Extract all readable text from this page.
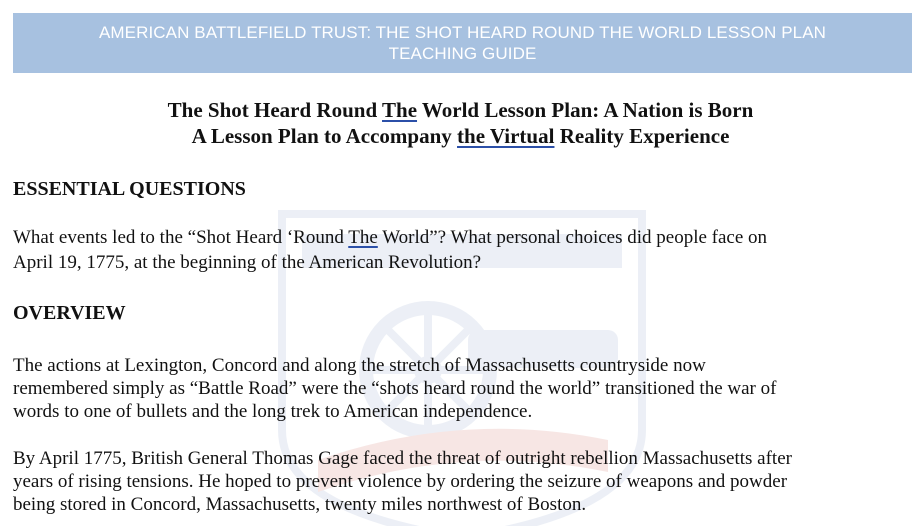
AMERICAN BATTLEFIELD TRUST: THE SHOT HEARD ROUND THE WORLD LESSON PLAN
TEACHING GUIDE
The Shot Heard Round The World Lesson Plan: A Nation is Born
A Lesson Plan to Accompany the Virtual Reality Experience
ESSENTIAL QUESTIONS
What events led to the “Shot Heard ‘Round The World”? What personal choices did people face on
April 19, 1775, at the beginning of the American Revolution?
OVERVIEW
The actions at Lexington, Concord and along the stretch of Massachusetts countryside now
remembered simply as “Battle Road” were the “shots heard round the world” transitioned the war of
words to one of bullets and the long trek to American independence.
By April 1775, British General Thomas Gage faced the threat of outright rebellion Massachusetts after
years of rising tensions. He hoped to prevent violence by ordering the seizure of weapons and powder
being stored in Concord, Massachusetts, twenty miles northwest of Boston.
